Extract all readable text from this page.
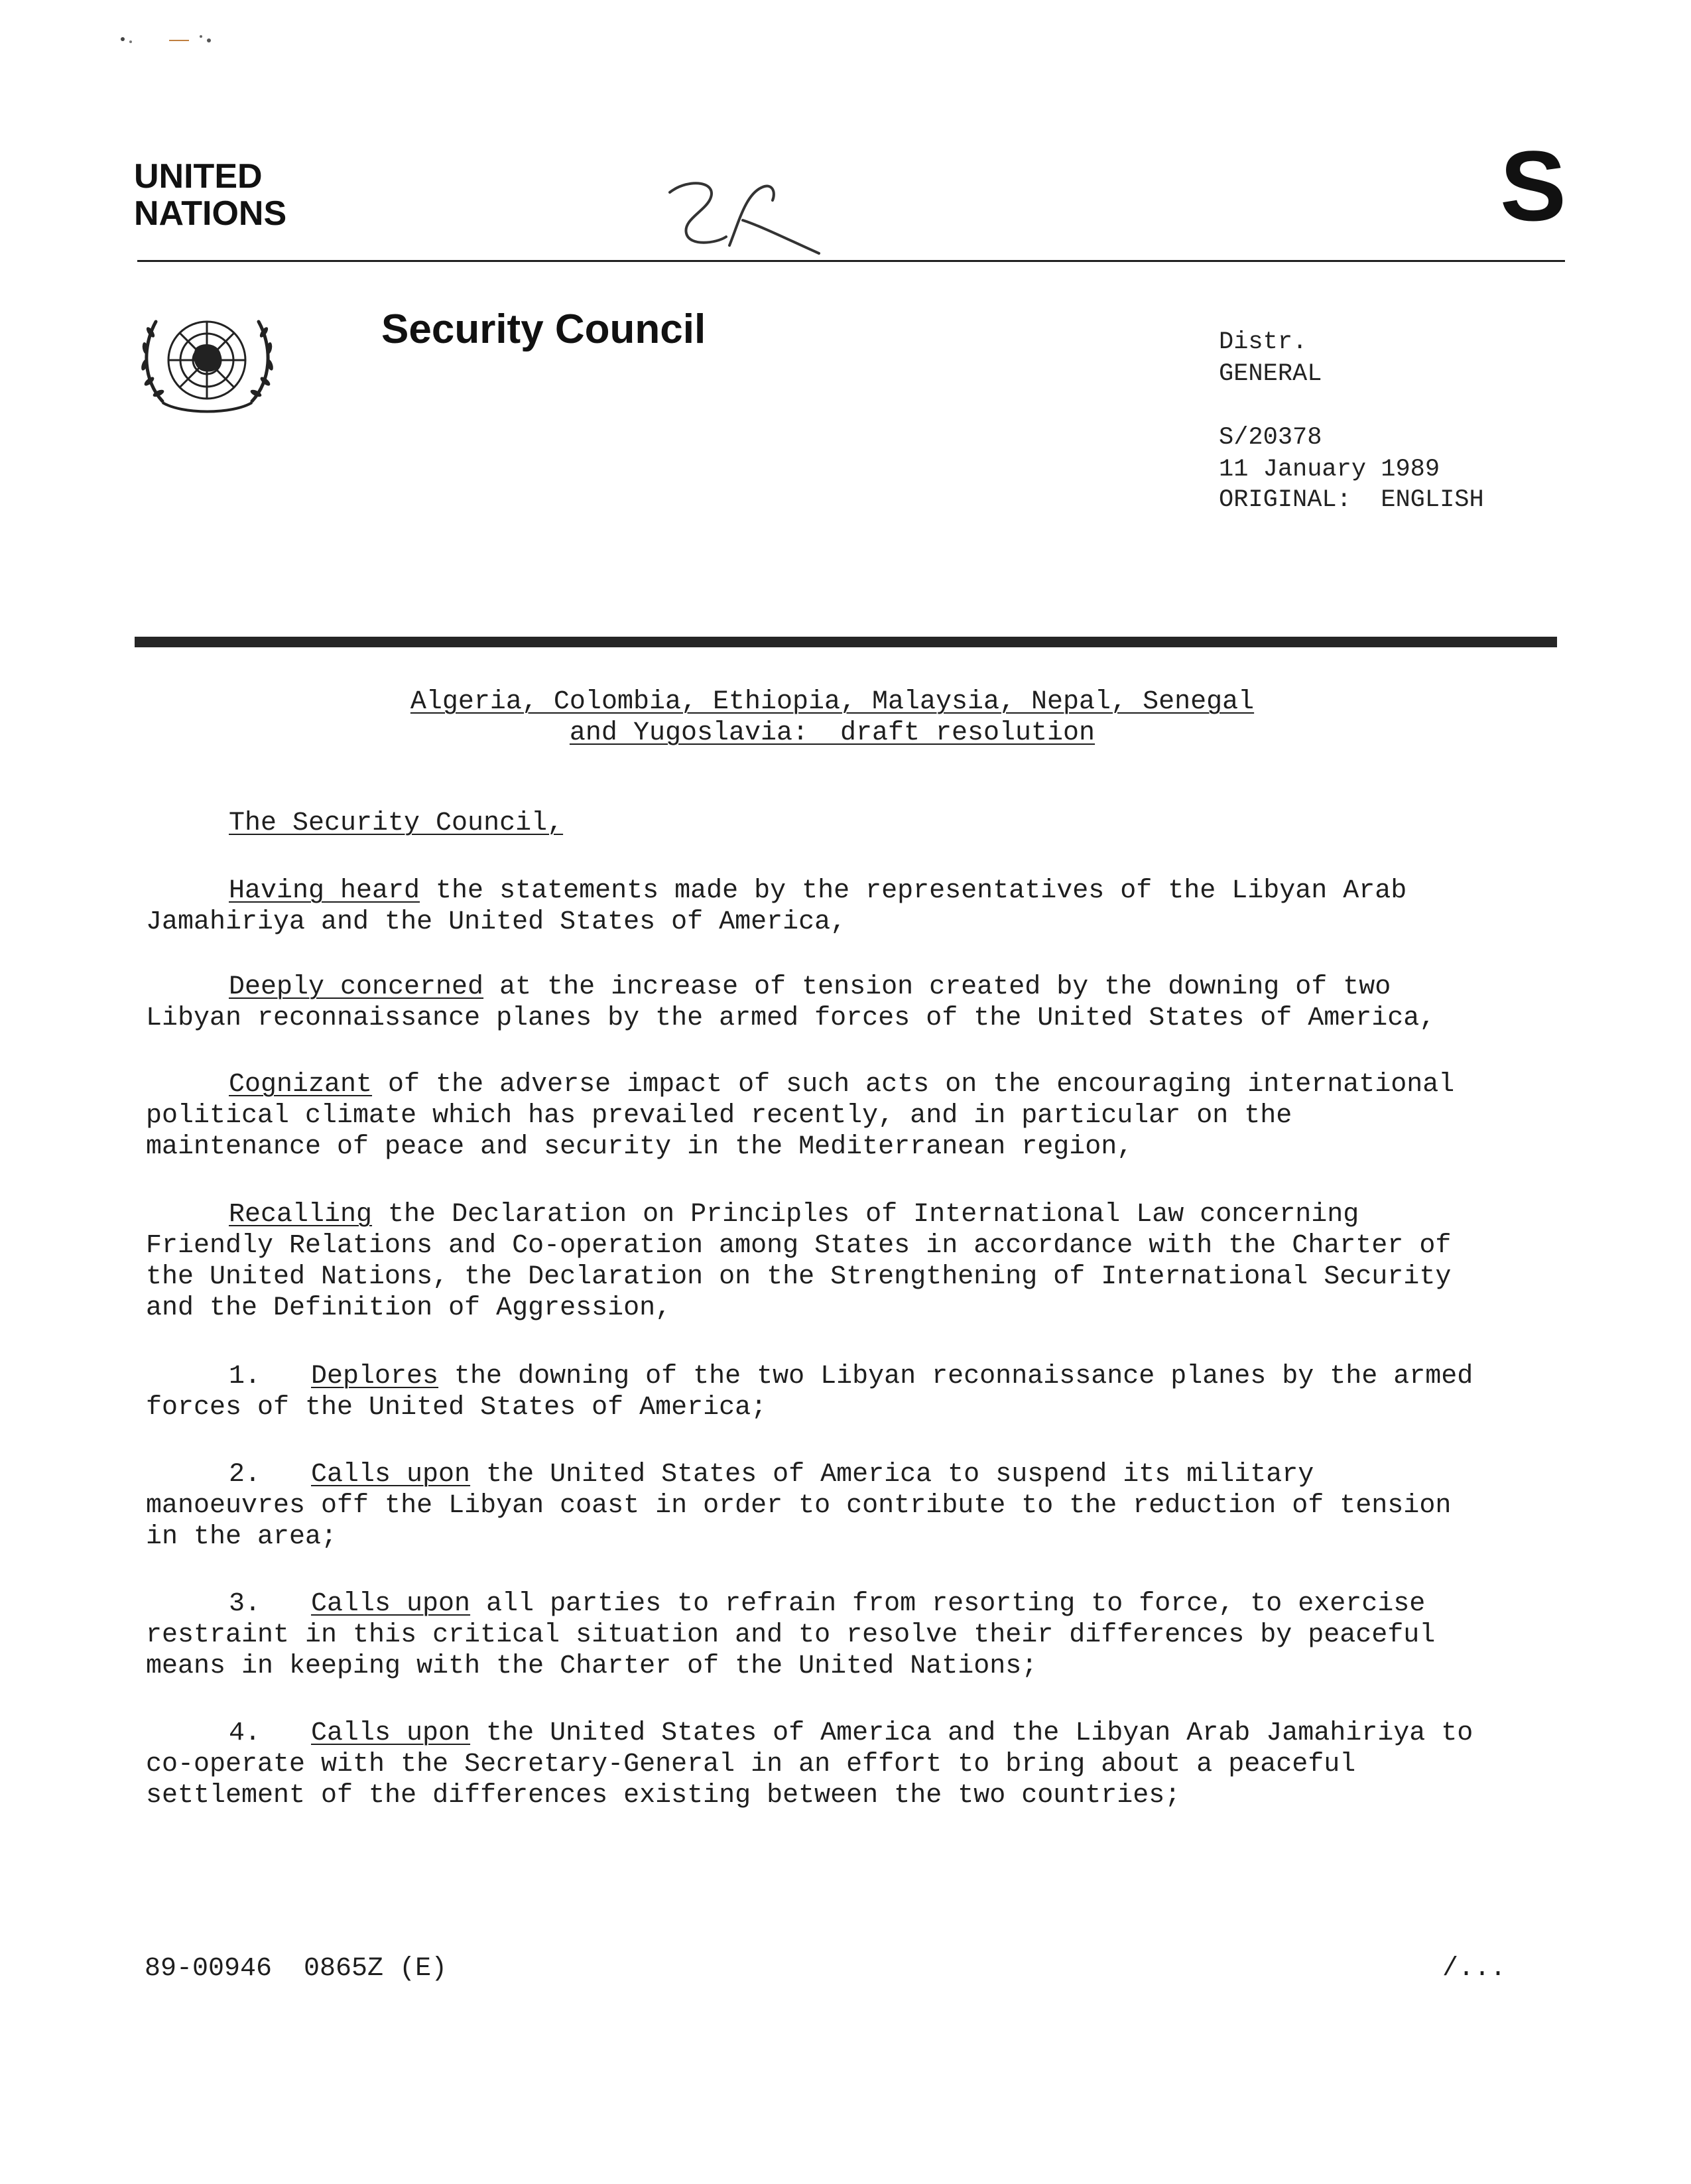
UNITED
NATIONS	S
Security Council	Distr.
GENERAL
S/20378
11 January 1989
ORIGINAL: ENGLISH
Algeria, Colombia, Ethiopia, Malaysia, Nepal, Senegal
and Yugoslavia:  draft resolution
The Security Council,
Having heard the statements made by the representatives of the Libyan Arab
Jamahiriya and the United States of America,
Deeply concerned at the increase of tension created by the downing of two
Libyan reconnaissance planes by the armed forces of the United States of America,
Cognizant of the adverse impact of such acts on the encouraging international
political climate which has prevailed recently, and in particular on the
maintenance of peace and security in the Mediterranean region,
Recalling the Declaration on Principles of International Law concerning
Friendly Relations and Co-operation among States in accordance with the Charter of
the United Nations, the Declaration on the Strengthening of International Security
and the Definition of Aggression,
1. Deplores the downing of the two Libyan reconnaissance planes by the armed
forces of the United States of America;
2. Calls upon the United States of America to suspend its military
manoeuvres off the Libyan coast in order to contribute to the reduction of tension
in the area;
3. Calls upon all parties to refrain from resorting to force, to exercise
restraint in this critical situation and to resolve their differences by peaceful
means in keeping with the Charter of the United Nations;
4. Calls upon the United States of America and the Libyan Arab Jamahiriya to
co-operate with the Secretary-General in an effort to bring about a peaceful
settlement of the differences existing between the two countries;
89-00946  0865Z (E)	/...
